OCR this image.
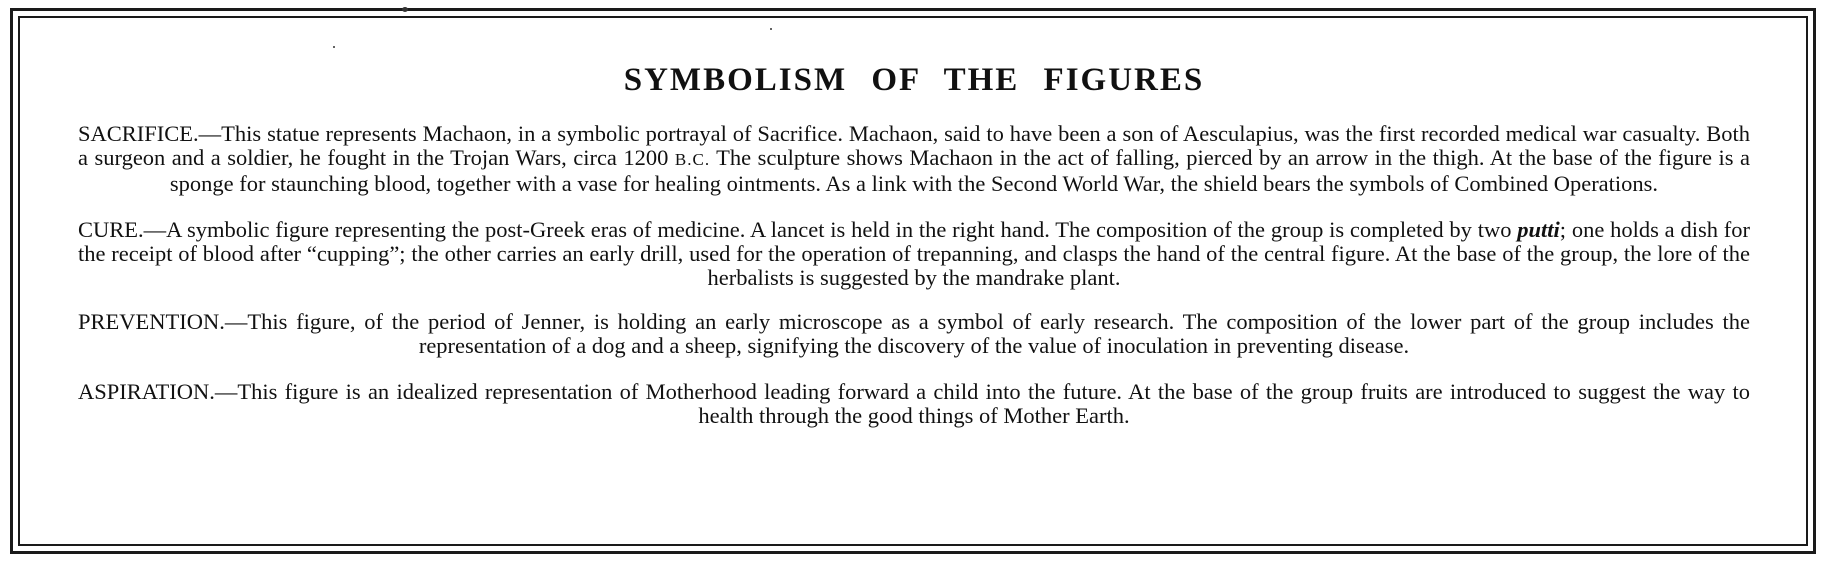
SYMBOLISM OF THE FIGURES

SACRIFICE.—This statue represents Machaon, in a symbolic portrayal of Sacrifice. Machaon, said to have been a son of Aesculapius, was the first recorded medical war casualty. Both a surgeon and a soldier, he fought in the Trojan Wars, circa 1200 B.C. The sculpture shows Machaon in the act of falling, pierced by an arrow in the thigh. At the base of the figure is a sponge for staunching blood, together with a vase for healing ointments. As a link with the Second World War, the shield bears the symbols of Combined Operations.

CURE.—A symbolic figure representing the post-Greek eras of medicine. A lancet is held in the right hand. The composition of the group is completed by two putti; one holds a dish for the receipt of blood after “cupping”; the other carries an early drill, used for the operation of trepanning, and clasps the hand of the central figure. At the base of the group, the lore of the herbalists is suggested by the mandrake plant.

PREVENTION.—This figure, of the period of Jenner, is holding an early microscope as a symbol of early research. The composition of the lower part of the group includes the representation of a dog and a sheep, signifying the discovery of the value of inoculation in preventing disease.

ASPIRATION.—This figure is an idealized representation of Motherhood leading forward a child into the future. At the base of the group fruits are introduced to suggest the way to health through the good things of Mother Earth.
